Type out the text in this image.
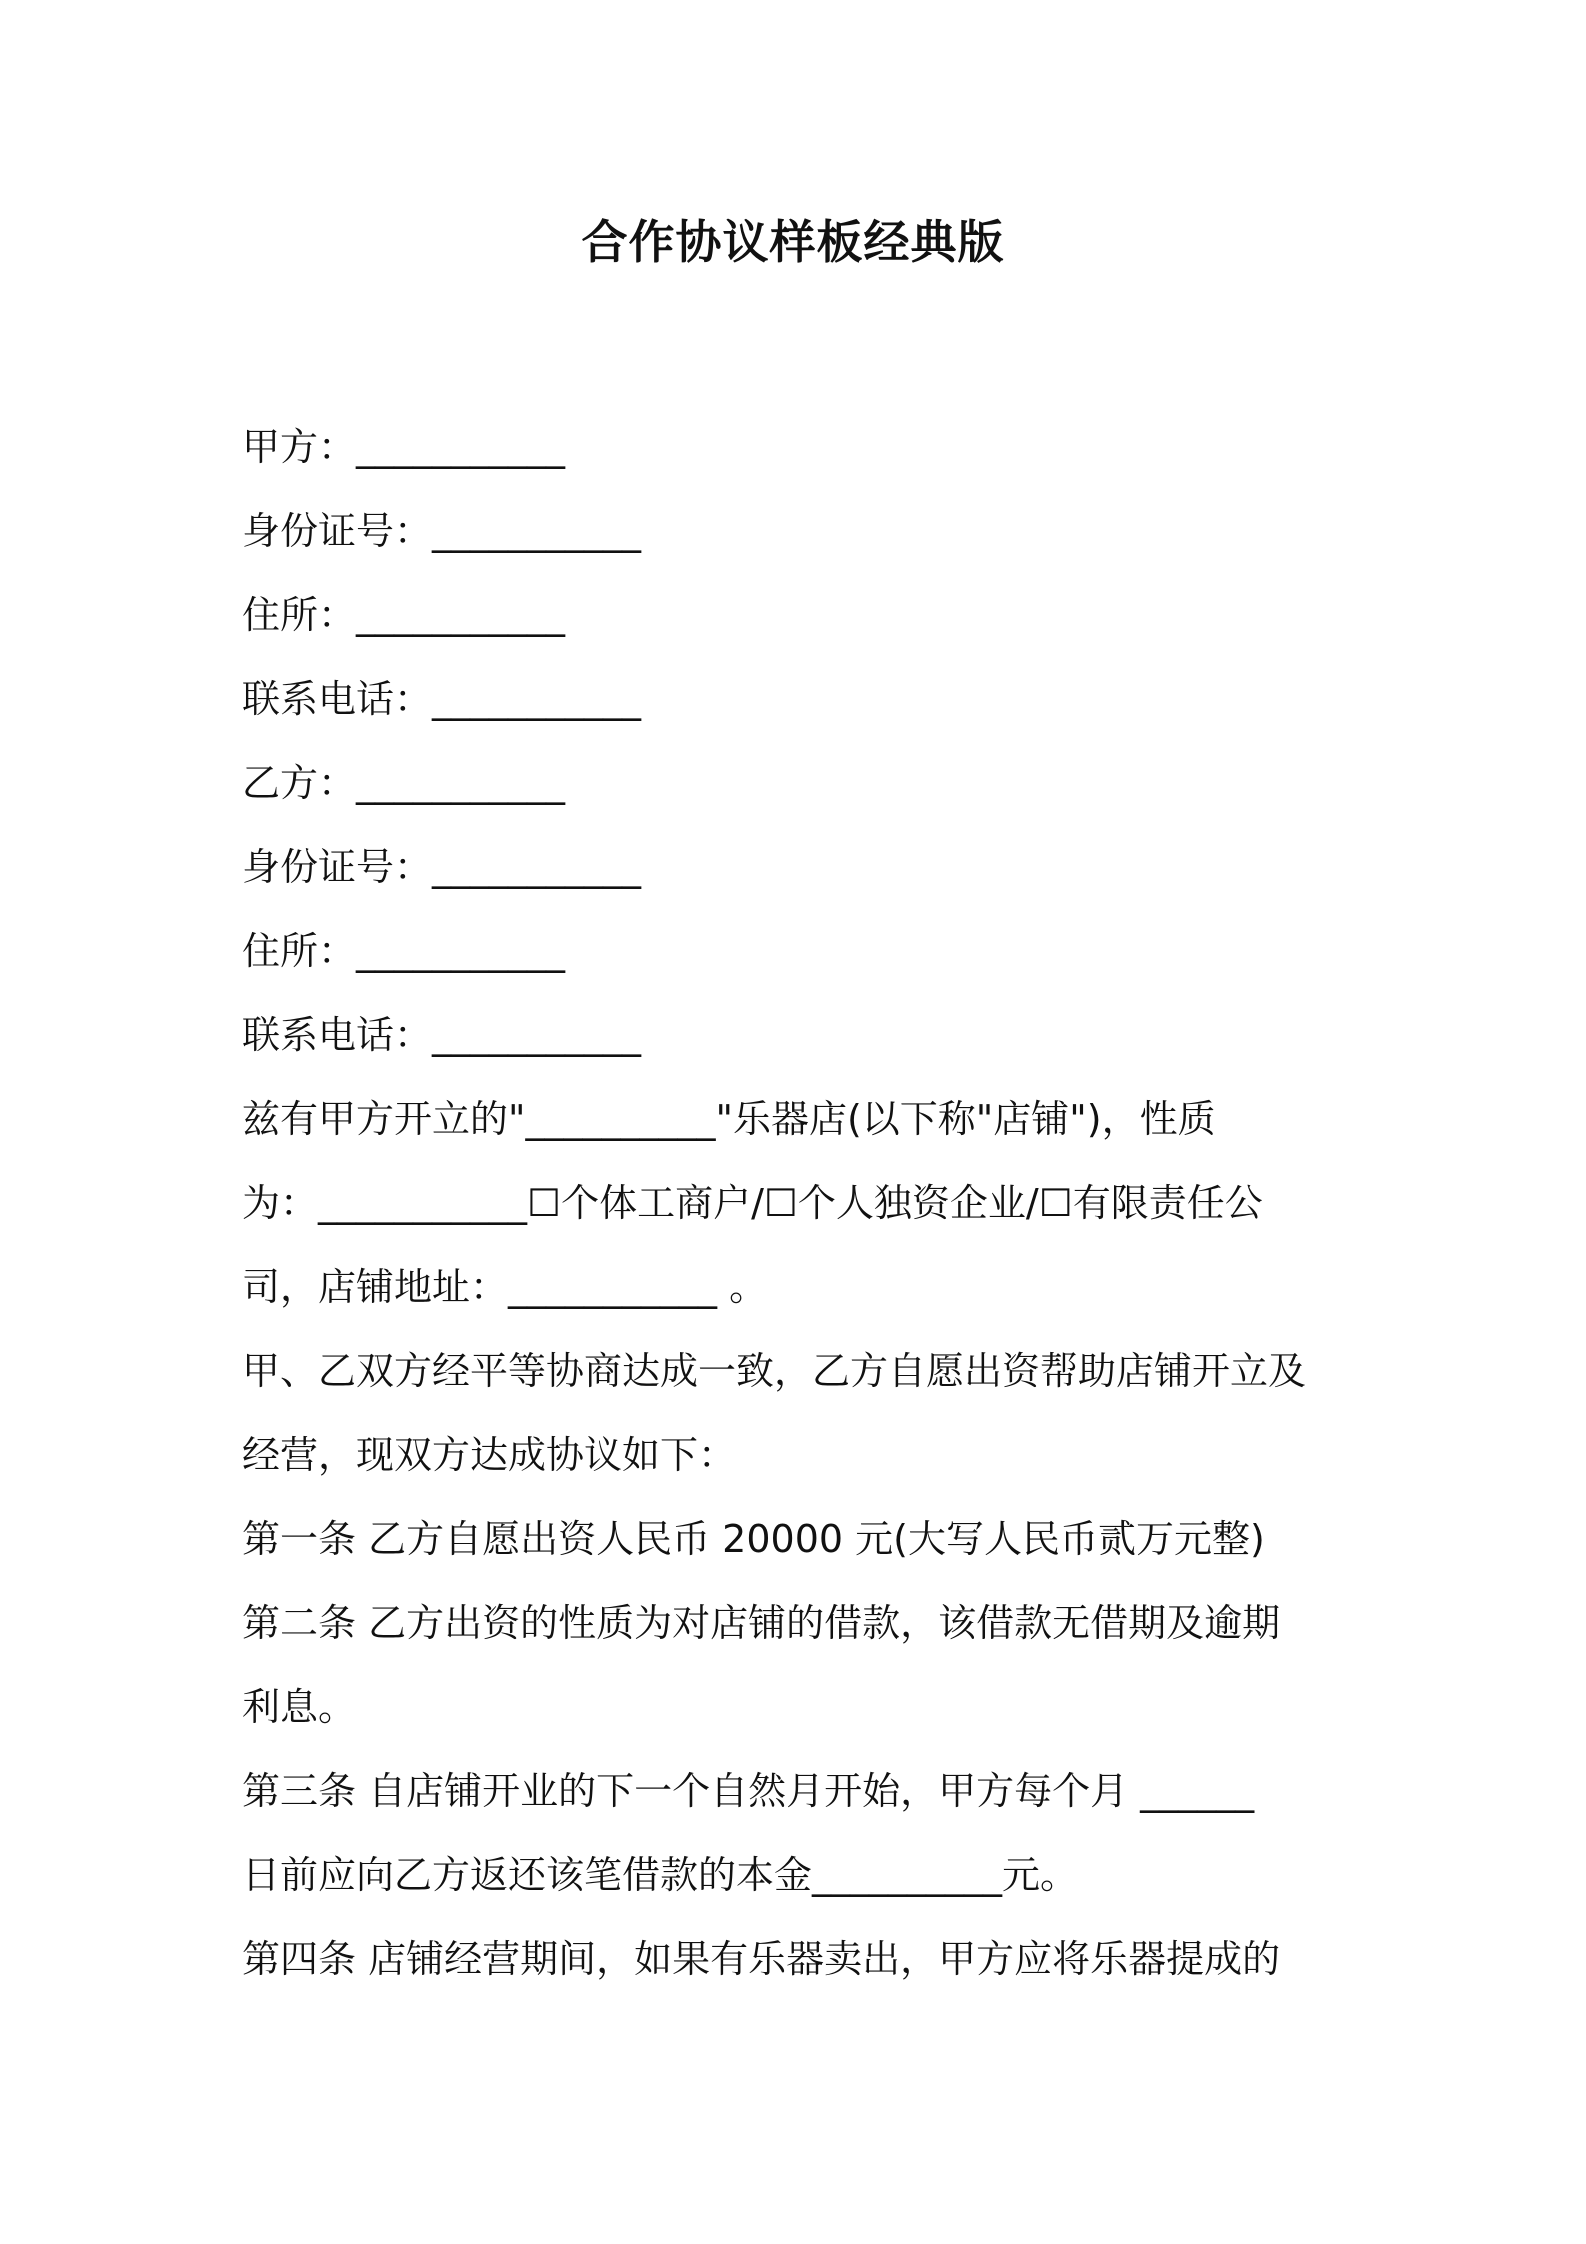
合作协议样板经典版
甲方：___________
身份证号：___________
住所：___________
联系电话：___________
乙方：___________
身份证号：___________
住所：___________
联系电话：___________
兹有甲方开立的"__________"乐器店(以下称"店铺")，性质
为：___________☐个体工商户/☐个人独资企业/☐有限责任公
司，店铺地址：___________ 。
甲、乙双方经平等协商达成一致，乙方自愿出资帮助店铺开立及
经营，现双方达成协议如下：
第一条 乙方自愿出资人民币 20000 元(大写人民币贰万元整)
第二条 乙方出资的性质为对店铺的借款，该借款无借期及逾期
利息。
第三条 自店铺开业的下一个自然月开始，甲方每个月 ______
日前应向乙方返还该笔借款的本金__________元。
第四条 店铺经营期间，如果有乐器卖出，甲方应将乐器提成的
